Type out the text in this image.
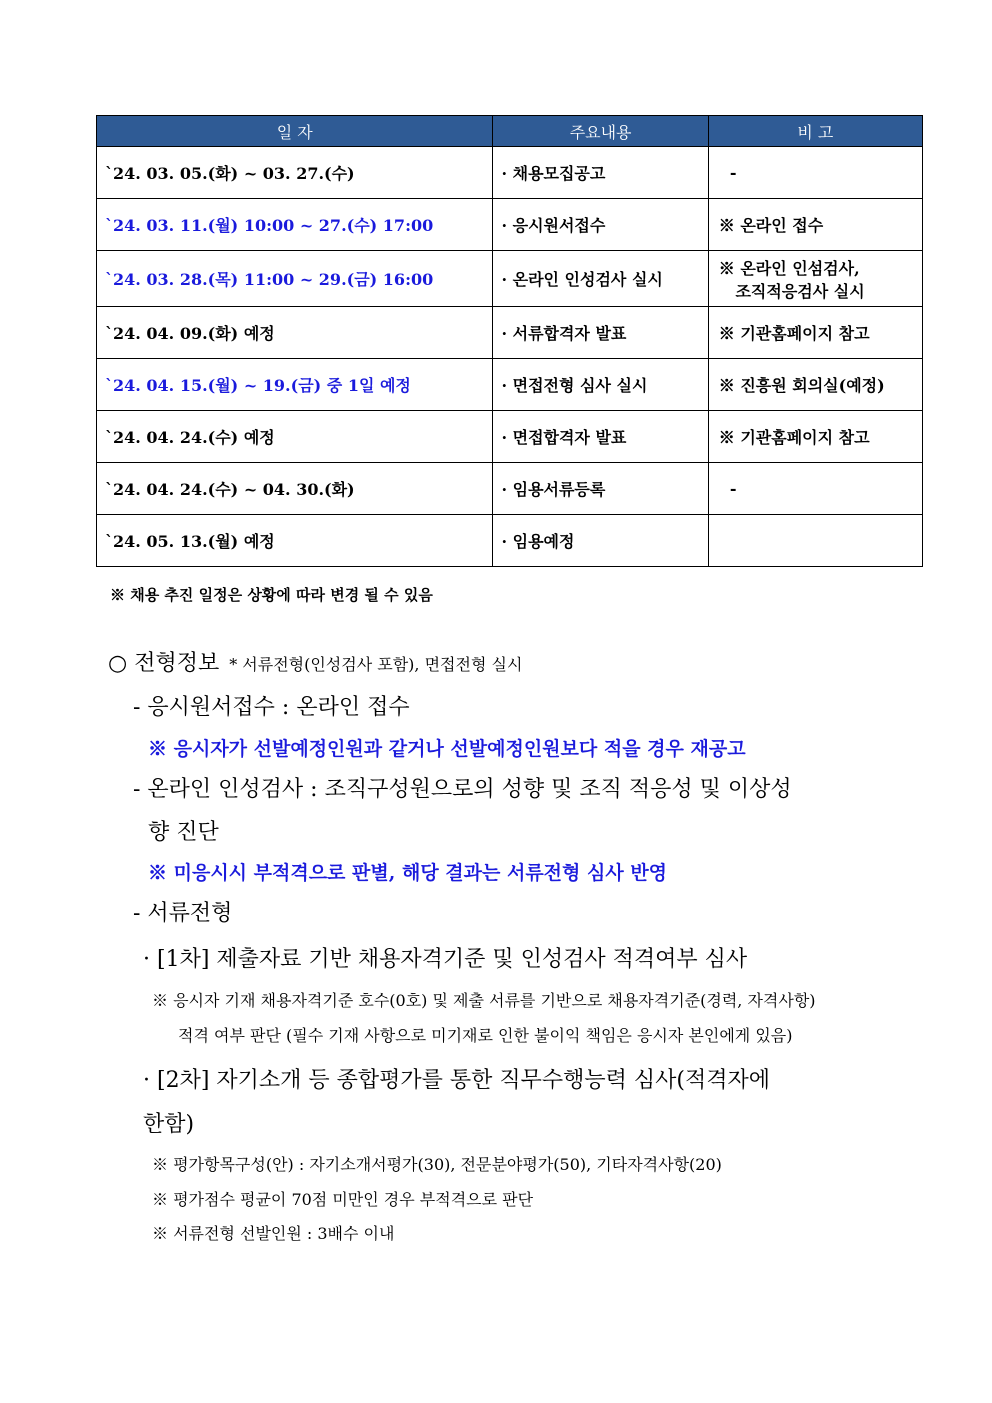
일 자	주요내용	비 고
`24. 03. 05.(화) ~ 03. 27.(수)	· 채용모집공고	-
`24. 03. 11.(월) 10:00 ~ 27.(수) 17:00	· 응시원서접수	※ 온라인 접수
`24. 03. 28.(목) 11:00 ~ 29.(금) 16:00	· 온라인 인성검사 실시	※ 온라인 인섬검사,
조직적응검사 실시
`24. 04. 09.(화) 예정	· 서류합격자 발표	※ 기관홈페이지 참고
`24. 04. 15.(월) ~ 19.(금) 중 1일 예정	· 면접전형 심사 실시	※ 진흥원 회의실(예정)
`24. 04. 24.(수) 예정	· 면접합격자 발표	※ 기관홈페이지 참고
`24. 04. 24.(수) ~ 04. 30.(화)	· 임용서류등록	-
`24. 05. 13.(월) 예정	· 임용예정	
※ 채용 추진 일정은 상황에 따라 변경 될 수 있음
○ 전형정보 * 서류전형(인성검사 포함), 면접전형 실시
- 응시원서접수 : 온라인 접수
※ 응시자가 선발예정인원과 같거나 선발예정인원보다 적을 경우 재공고
- 온라인 인성검사 : 조직구성원으로의 성향 및 조직 적응성 및 이상성
향 진단
※ 미응시시 부적격으로 판별, 해당 결과는 서류전형 심사 반영
- 서류전형
· [1차] 제출자료 기반 채용자격기준 및 인성검사 적격여부 심사
※ 응시자 기재 채용자격기준 호수(0호) 및 제출 서류를 기반으로 채용자격기준(경력, 자격사항)
적격 여부 판단 (필수 기재 사항으로 미기재로 인한 불이익 책임은 응시자 본인에게 있음)
· [2차] 자기소개 등 종합평가를 통한 직무수행능력 심사(적격자에
한함)
※ 평가항목구성(안) : 자기소개서평가(30), 전문분야평가(50), 기타자격사항(20)
※ 평가점수 평균이 70점 미만인 경우 부적격으로 판단
※ 서류전형 선발인원 : 3배수 이내
